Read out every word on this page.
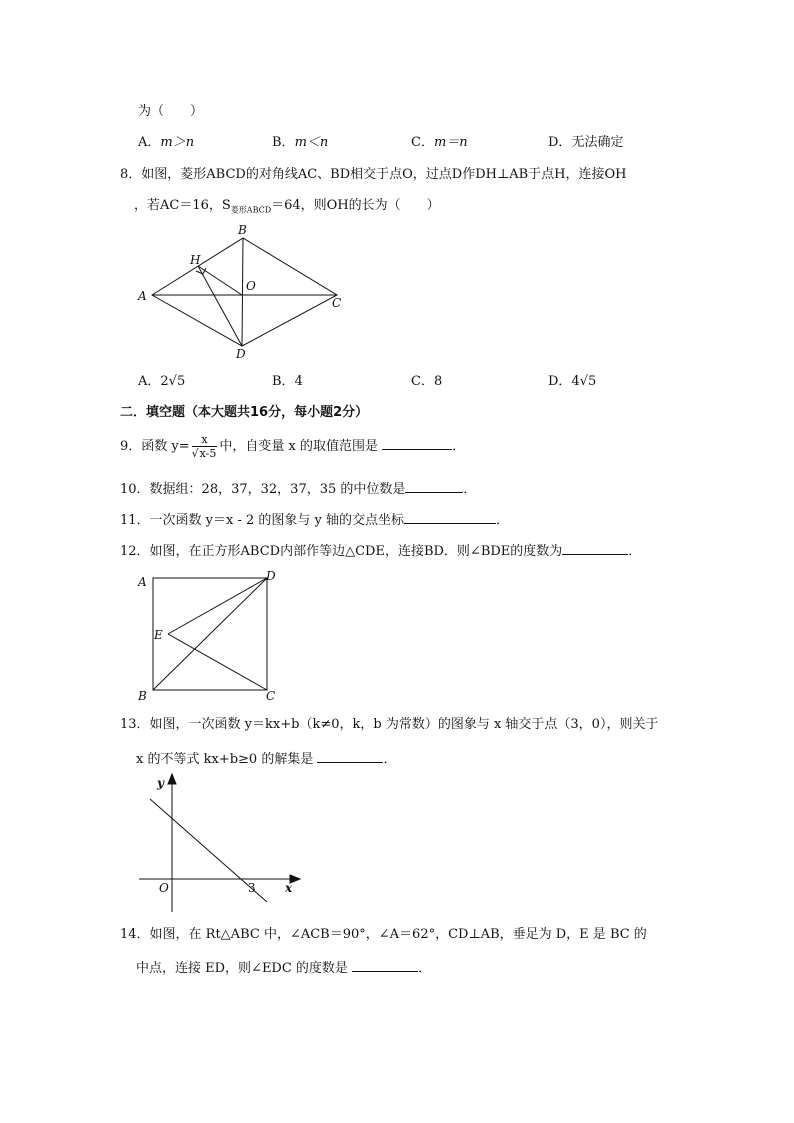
为（　　）
A．m＞n	B．m＜n	C．m＝n	D．无法确定
8．如图，菱形ABCD的对角线AC、BD相交于点O，过点D作DH⊥AB于点H，连接OH
，若AC＝16，$S_{菱形ABCD}=64$，则OH的长为（　　）
A
B
C
D
H
O
A．2√5	B．4	C．8	D．4√5
二．填空题（本大题共16分，每小题2分）
9．函数 $y= \frac{x}{√x-5}$ 中，自变量 x 的取值范围是	．
10．数据组：28，37，32，37，35 的中位数是	．
11．一次函数 y＝x - 2 的图象与 y 轴的交点坐标	．
12．如图，在正方形ABCD内部作等边△CDE，连接BD．则∠BDE的度数为	．
A	D
E
B	C
13．如图，一次函数 y＝kx+b（k≠0，k，b 为常数）的图象与 x 轴交于点（3，0），则关于
x 的不等式 kx+b≥0 的解集是	．
y
x
O	3
14．如图，在 Rt△ABC 中，∠ACB＝90°，∠A＝62°，CD⊥AB，垂足为 D，E 是 BC 的
中点，连接 ED，则∠EDC 的度数是	．
